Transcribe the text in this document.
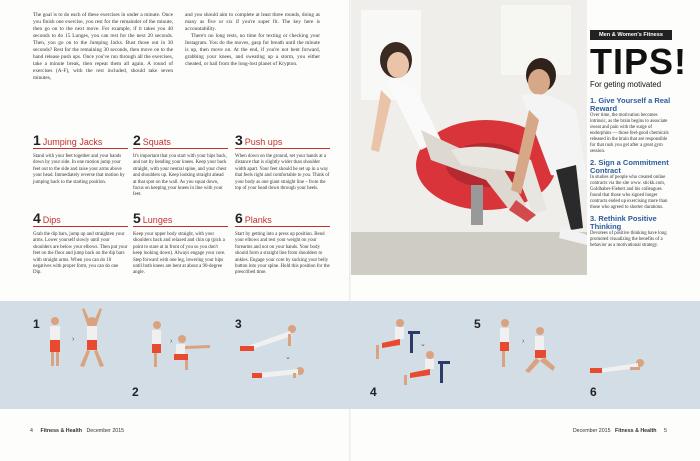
The goal is to do each of these exercises in under a minute. Once you finish one exercise, you rest for the remainder of the minute, then go on to the next move. For example, if it takes you 40 seconds to do 15 Lunges, you can rest for the next 20 seconds. Then, you go on to the Jumping Jacks. Bust those out in 30 seconds? Rest for the remaining 30 seconds, then move on to the hand release push ups. Once you've run through all the exercises, take a minute break, then repeat them all again. A round of exercises (A-F), with the rest included, should take seven minutes,

and you should aim to complete at least three rounds, doing as many as five or six if you're super fit. The key here is accountability.

There's no long rests, no time for texting or checking your Instagram. You do the moves, gasp for breath until the minute is up, then move on. At the end, if you're not bent forward, grabbing your knees, and sweating up a storm, you either cheated, or hail from the long-lost planet of Krypton.

1 Jumping Jacks

Stand with your feet together and your hands down by your side. In one motion jump your feet out to the side and raise your arms above your head. Immediately reverse that motion by jumping back to the starting position.

2 Squats

It's important that you start with your hips back, and not by bending your knees. Keep your back straight, with your neutral spine, and your chest and shoulders up. Keep looking straight ahead at that spot on the wall. As you squat down, focus on keeping your knees in line with your feet.

3 Push ups

When down on the ground, set your hands at a distance that is slightly wider than shoulder width apart. Your feet should be set up in a way that feels right and comfortable to you. Think of your body as one giant straight line – from the top of your head down through your heels.

4 Dips

Grab the dip bars, jump up and straighten your arms. Lower yourself slowly until your shoulders are below your elbows. Then put your feet on the floor and jump back on the dip bars with straight arms. When you can do 10 negatives with proper form, you can do one Dip.

5 Lunges

Keep your upper body straight, with your shoulders back and relaxed and chin up (pick a point to stare at in front of you so you don't keep looking down). Always engage your core. Step forward with one leg, lowering your hips until both knees are bent at about a 90-degree angle.

6 Planks

Start by getting into a press up position. Bend your elbows and rest your weight on your forearms and not on your hands. Your body should form a straight line from shoulders to ankles. Engage your core by sucking your belly button into your spine. Hold this position for the prescribed time.

Men & Women's Fitness
TIPS!
For geting motivated
1. Give Yourself a Real Reward

Over time, the motivation becomes intrinsic, as the brain begins to associate sweat and pain with the surge of endorphins — those feel-good chemicals released in the brain that are responsible for that rush you get after a great gym session.

2. Sign a Commitment Contract

In studies of people who created online contracts via the site www. stickk.com, Goldhaber-Fiebert and his colleagues found that those who signed longer contracts ended up exercising more than those who agreed to shorter durations.

3. Rethink Positive Thinking

Devotees of positive thinking have long promoted visualizing the benefits of a behavior as a motivational strategy.

1
2
3
4
5
6
›	›
⌄
⌄	›
4 Fitness & Health December 2015	December 2015 Fitness & Health 5
